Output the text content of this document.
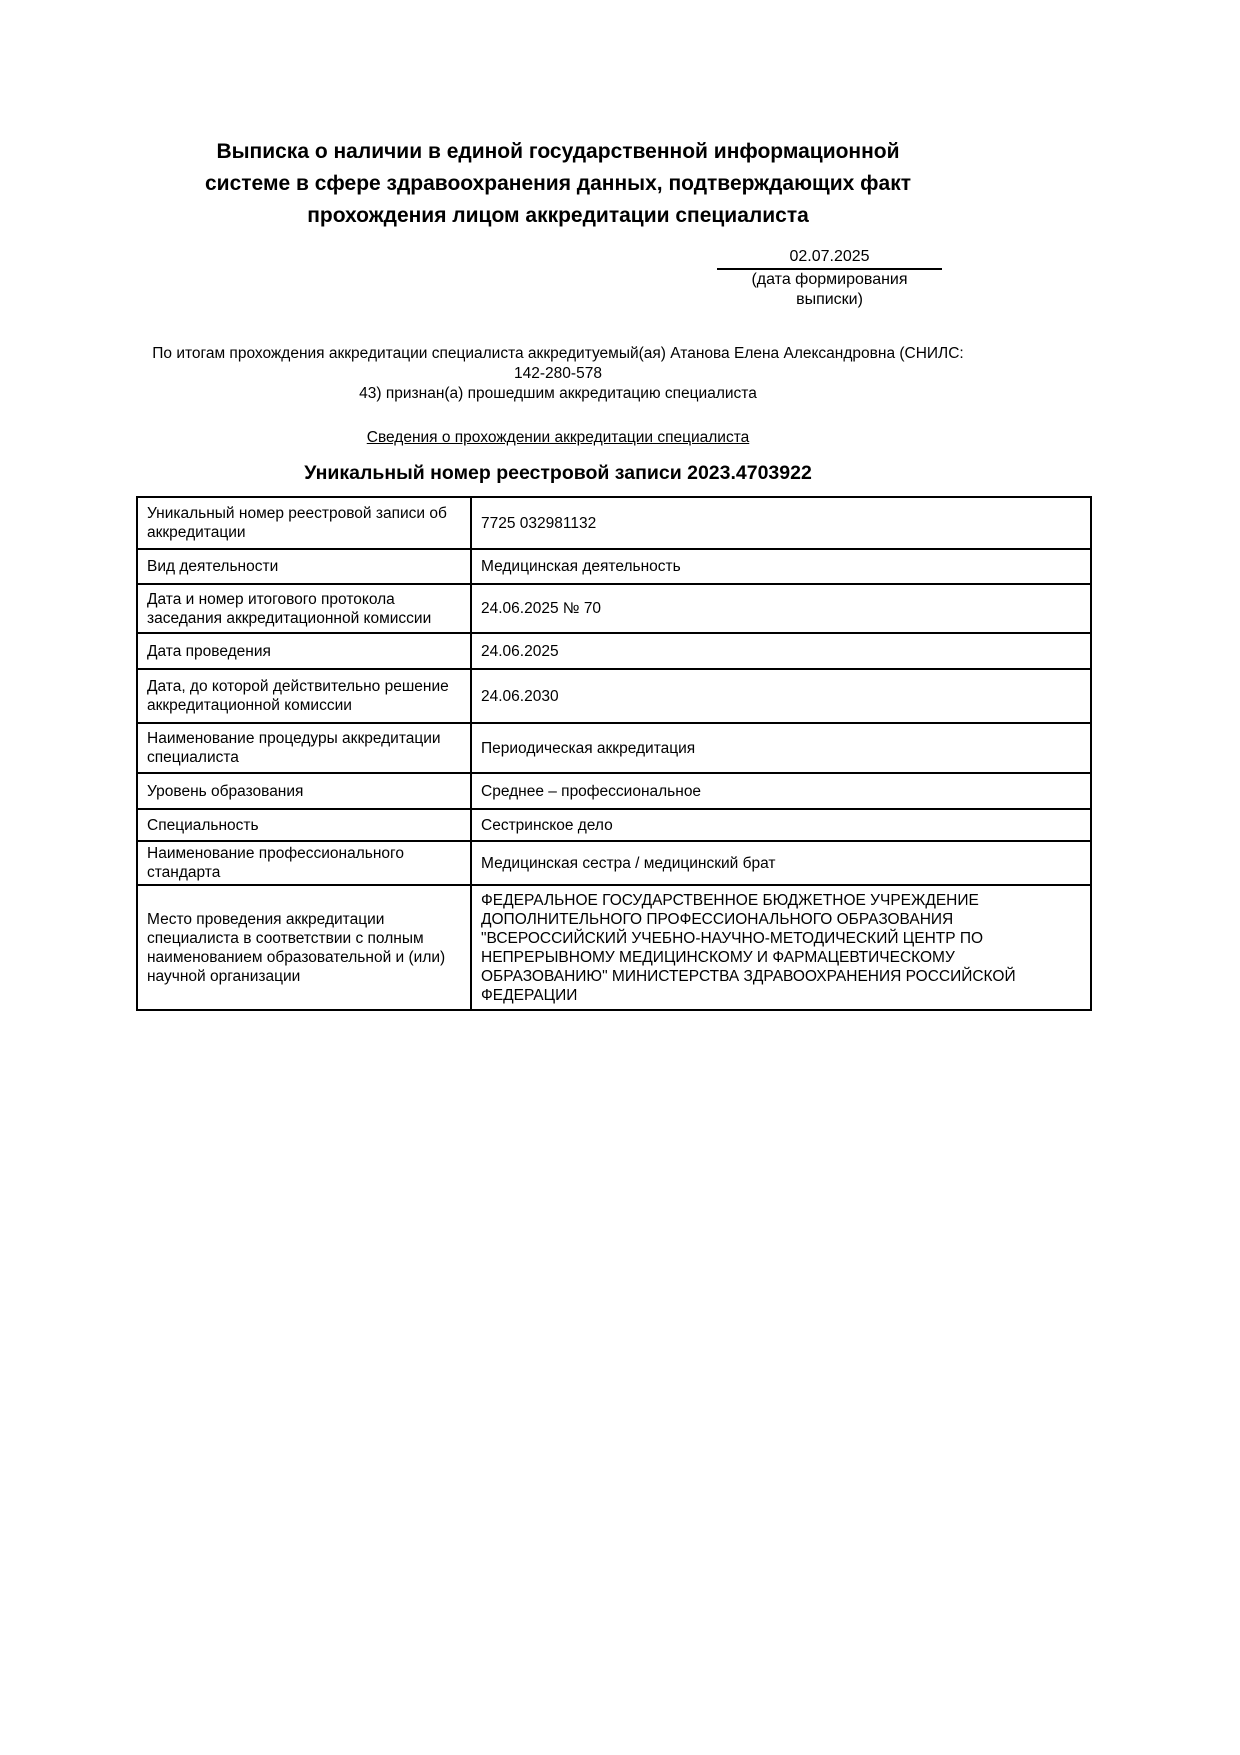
Выписка о наличии в единой государственной информационной
системе в сфере здравоохранения данных, подтверждающих факт
прохождения лицом аккредитации специалиста
02.07.2025
(дата формирования выписки)
По итогам прохождения аккредитации специалиста аккредитуемый(ая) Атанова Елена Александровна (СНИЛС: 142-280-578
43) признан(а) прошедшим аккредитацию специалиста
Сведения о прохождении аккредитации специалиста
Уникальный номер реестровой записи 2023.4703922
Уникальный номер реестровой записи об аккредитации	7725 032981132
Вид деятельности	Медицинская деятельность
Дата и номер итогового протокола заседания аккредитационной комиссии	24.06.2025 № 70
Дата проведения	24.06.2025
Дата, до которой действительно решение аккредитационной комиссии	24.06.2030
Наименование процедуры аккредитации специалиста	Периодическая аккредитация
Уровень образования	Среднее – профессиональное
Специальность	Сестринское дело
Наименование профессионального стандарта	Медицинская сестра / медицинский брат
Место проведения аккредитации специалиста в соответствии с полным наименованием образовательной и (или) научной организации	ФЕДЕРАЛЬНОЕ ГОСУДАРСТВЕННОЕ БЮДЖЕТНОЕ УЧРЕЖДЕНИЕ ДОПОЛНИТЕЛЬНОГО ПРОФЕССИОНАЛЬНОГО ОБРАЗОВАНИЯ "ВСЕРОССИЙСКИЙ УЧЕБНО-НАУЧНО-МЕТОДИЧЕСКИЙ ЦЕНТР ПО НЕПРЕРЫВНОМУ МЕДИЦИНСКОМУ И ФАРМАЦЕВТИЧЕСКОМУ ОБРАЗОВАНИЮ" МИНИСТЕРСТВА ЗДРАВООХРАНЕНИЯ РОССИЙСКОЙ ФЕДЕРАЦИИ
